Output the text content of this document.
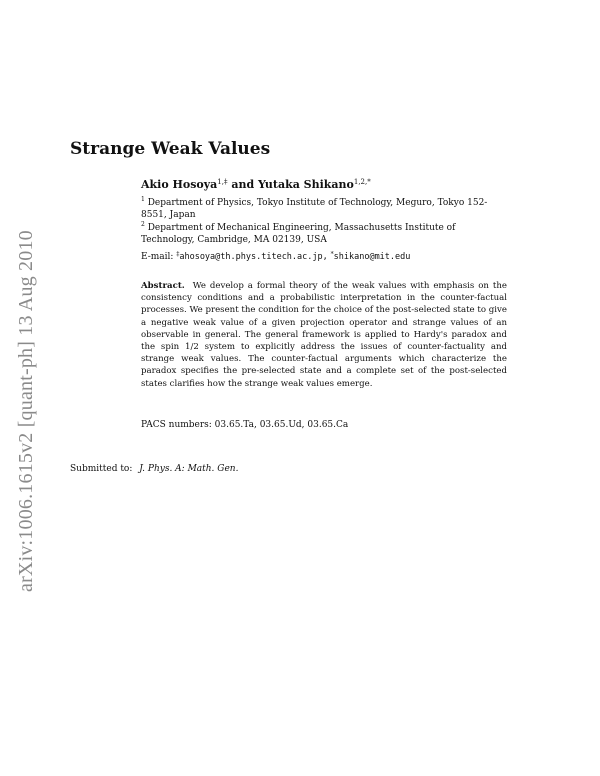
arXiv:1006.1615v2 [quant-ph] 13 Aug 2010
Strange Weak Values
Akio Hosoya$^{1,\ddagger}$ and Yutaka Shikano$^{1,2,*}$
$^1$ Department of Physics, Tokyo Institute of Technology, Meguro, Tokyo 152-8551, Japan
$^2$ Department of Mechanical Engineering, Massachusetts Institute of Technology, Cambridge, MA 02139, USA
E-mail: ‡ahosoya@th.phys.titech.ac.jp, *shikano@mit.edu
Abstract. We develop a formal theory of the weak values with emphasis on the consistency conditions and a probabilistic interpretation in the counter-factual processes. We present the condition for the choice of the post-selected state to give a negative weak value of a given projection operator and strange values of an observable in general. The general framework is applied to Hardy's paradox and the spin 1/2 system to explicitly address the issues of counter-factuality and strange weak values. The counter-factual arguments which characterize the paradox specifies the pre-selected state and a complete set of the post-selected states clarifies how the strange weak values emerge.
PACS numbers: 03.65.Ta, 03.65.Ud, 03.65.Ca
Submitted to: J. Phys. A: Math. Gen.
